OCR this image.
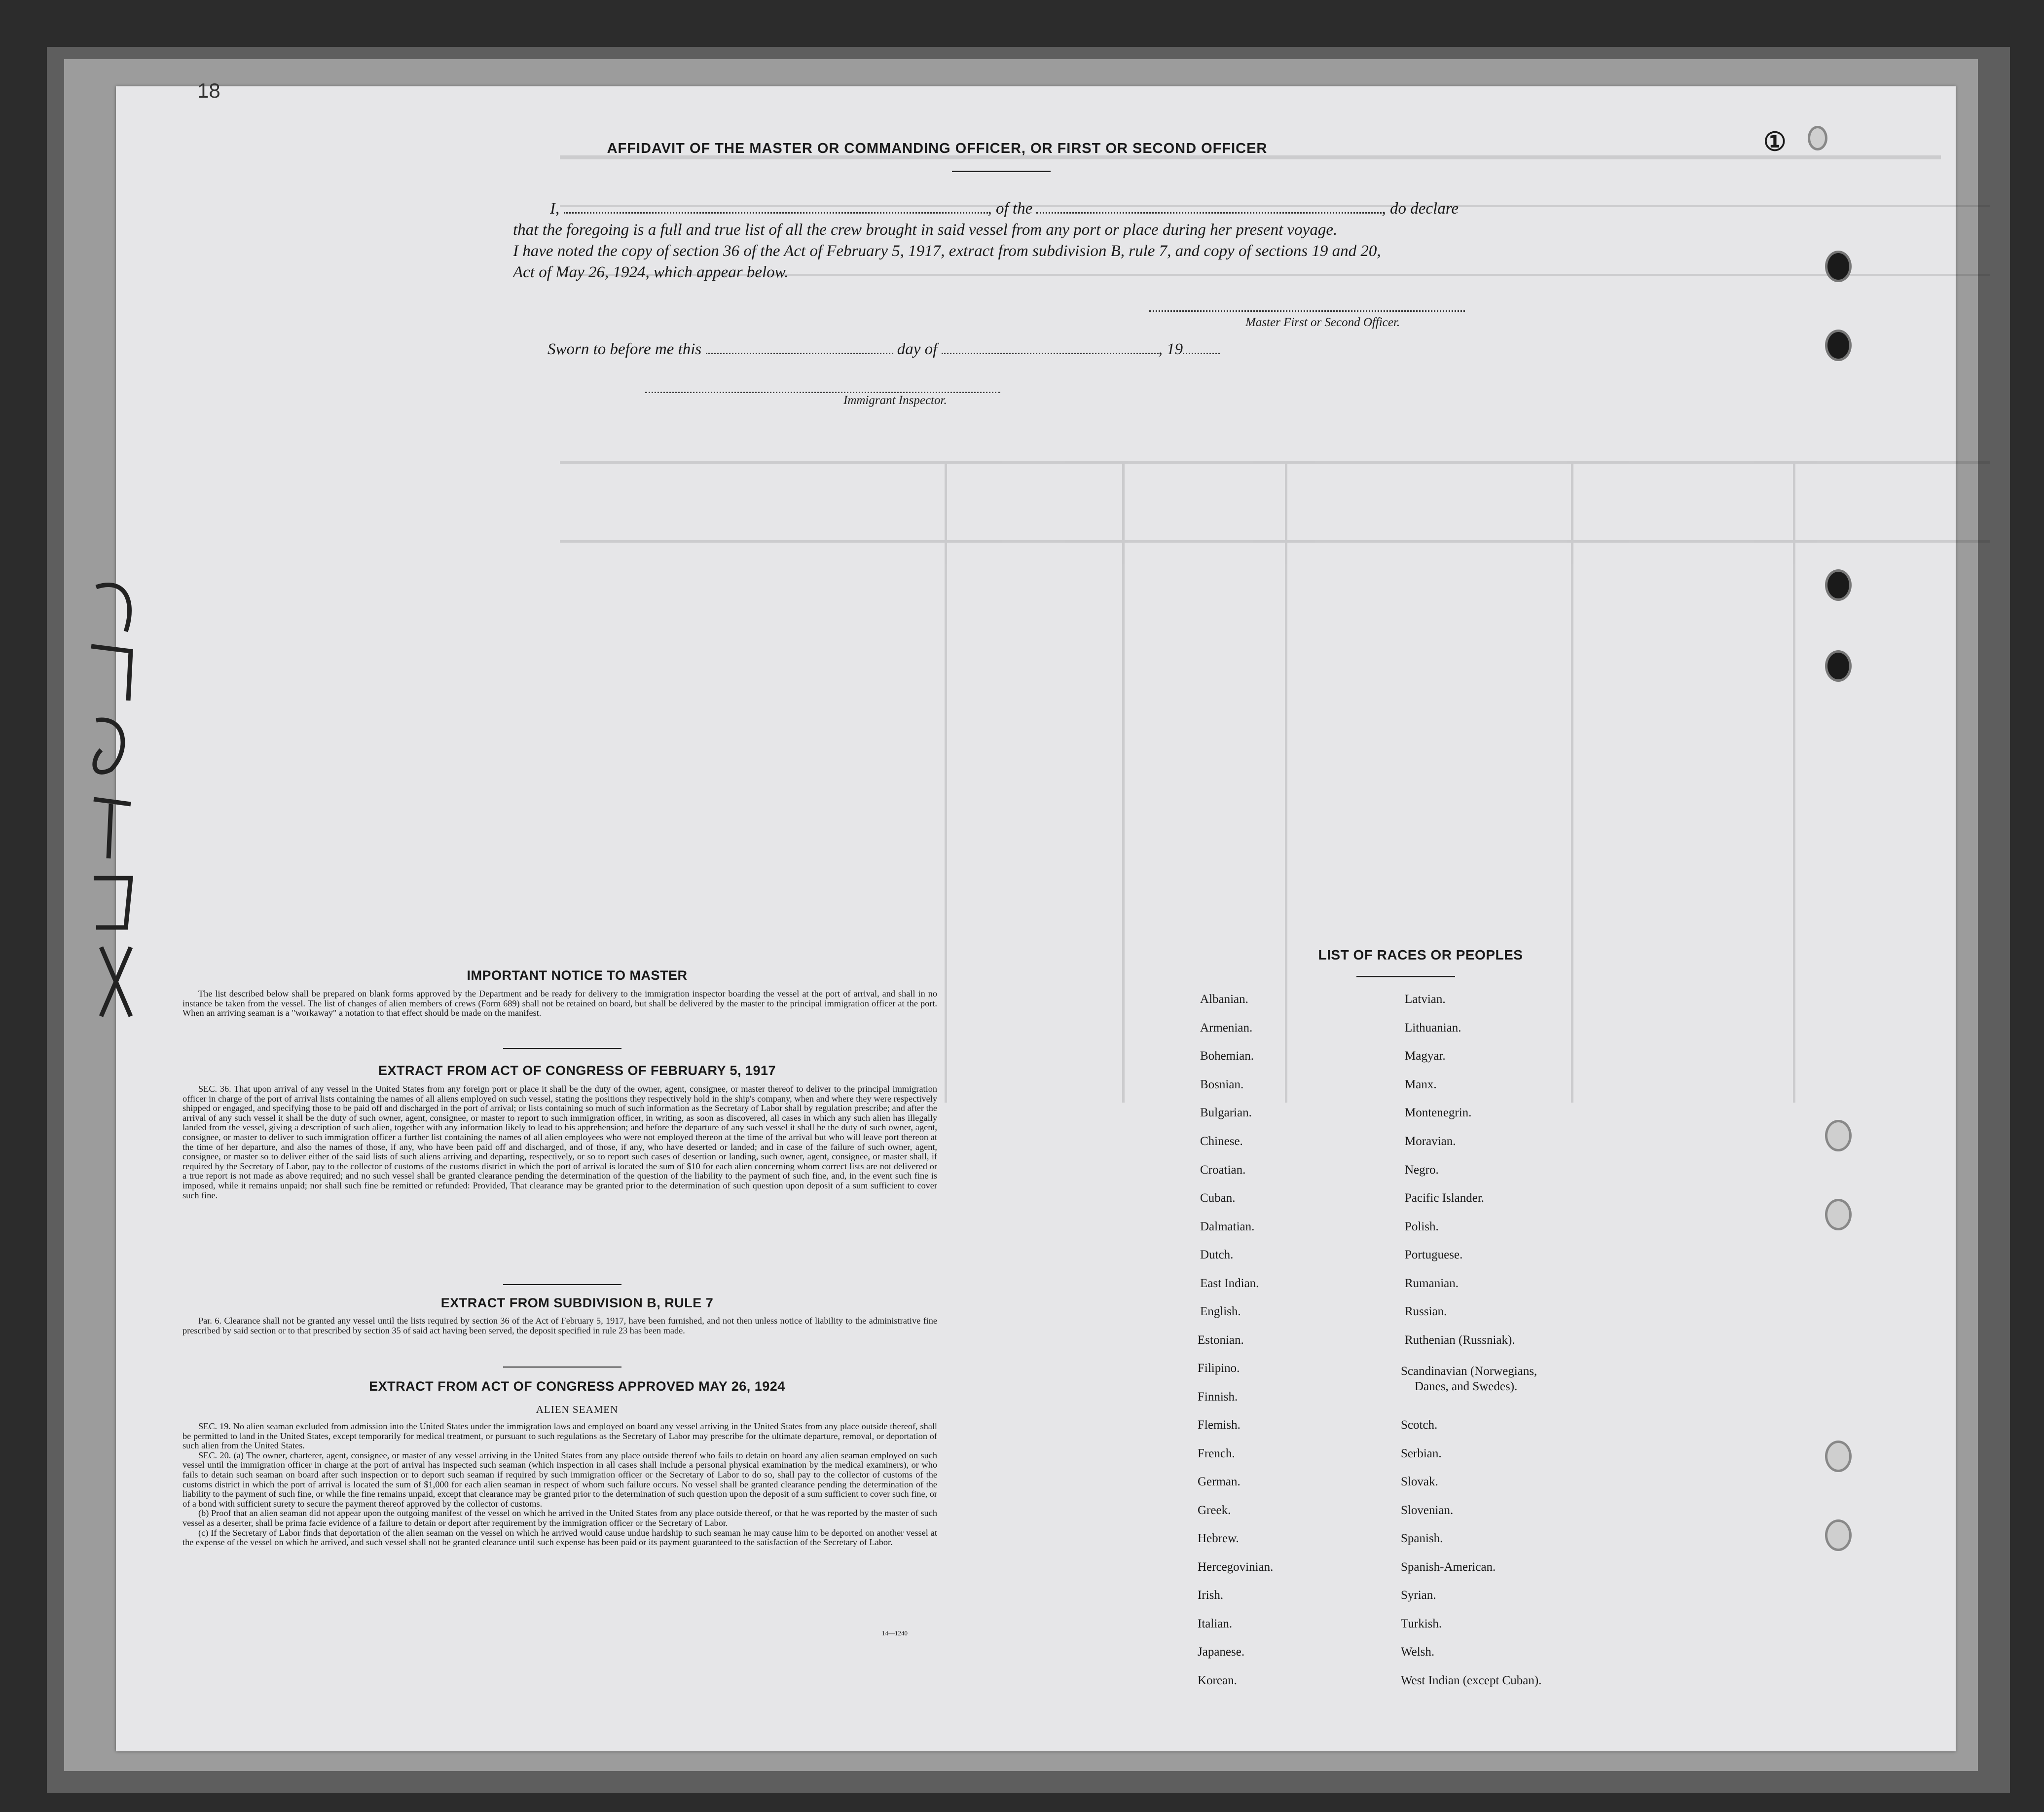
18
①
AFFIDAVIT OF THE MASTER OR COMMANDING OFFICER, OR FIRST OR SECOND OFFICER
I,	, of the	, do declare
that the foregoing is a full and true list of all the crew brought in said vessel from any port or place during her present voyage.
I have noted the copy of section 36 of the Act of February 5, 1917, extract from subdivision B, rule 7, and copy of sections 19 and 20,
Act of May 26, 1924, which appear below.
Master First or Second Officer.
Sworn to before me this	day of	, 19
Immigrant Inspector.
IMPORTANT NOTICE TO MASTER

The list described below shall be prepared on blank forms approved by the Department and be ready for delivery to the immigration inspector boarding the vessel at the port of arrival, and shall in no instance be taken from the vessel. The list of changes of alien members of crews (Form 689) shall not be retained on board, but shall be delivered by the master to the principal immigration officer at the port. When an arriving seaman is a "workaway" a notation to that effect should be made on the manifest.

EXTRACT FROM ACT OF CONGRESS OF FEBRUARY 5, 1917

SEC. 36. That upon arrival of any vessel in the United States from any foreign port or place it shall be the duty of the owner, agent, consignee, or master thereof to deliver to the principal immigration officer in charge of the port of arrival lists containing the names of all aliens employed on such vessel, stating the positions they respectively hold in the ship's company, when and where they were respectively shipped or engaged, and specifying those to be paid off and discharged in the port of arrival; or lists containing so much of such information as the Secretary of Labor shall by regulation prescribe; and after the arrival of any such vessel it shall be the duty of such owner, agent, consignee, or master to report to such immigration officer, in writing, as soon as discovered, all cases in which any such alien has illegally landed from the vessel, giving a description of such alien, together with any information likely to lead to his apprehension; and before the departure of any such vessel it shall be the duty of such owner, agent, consignee, or master to deliver to such immigration officer a further list containing the names of all alien employees who were not employed thereon at the time of the arrival but who will leave port thereon at the time of her departure, and also the names of those, if any, who have been paid off and discharged, and of those, if any, who have deserted or landed; and in case of the failure of such owner, agent, consignee, or master so to deliver either of the said lists of such aliens arriving and departing, respectively, or so to report such cases of desertion or landing, such owner, agent, consignee, or master shall, if required by the Secretary of Labor, pay to the collector of customs of the customs district in which the port of arrival is located the sum of $10 for each alien concerning whom correct lists are not delivered or a true report is not made as above required; and no such vessel shall be granted clearance pending the determination of the question of the liability to the payment of such fine, and, in the event such fine is imposed, while it remains unpaid; nor shall such fine be remitted or refunded: Provided, That clearance may be granted prior to the determination of such question upon deposit of a sum sufficient to cover such fine.

EXTRACT FROM SUBDIVISION B, RULE 7

Par. 6. Clearance shall not be granted any vessel until the lists required by section 36 of the Act of February 5, 1917, have been furnished, and not then unless notice of liability to the administrative fine prescribed by said section or to that prescribed by section 35 of said act having been served, the deposit specified in rule 23 has been made.

EXTRACT FROM ACT OF CONGRESS APPROVED MAY 26, 1924
ALIEN SEAMEN

SEC. 19. No alien seaman excluded from admission into the United States under the immigration laws and employed on board any vessel arriving in the United States from any place outside thereof, shall be permitted to land in the United States, except temporarily for medical treatment, or pursuant to such regulations as the Secretary of Labor may prescribe for the ultimate departure, removal, or deportation of such alien from the United States.

SEC. 20. (a) The owner, charterer, agent, consignee, or master of any vessel arriving in the United States from any place outside thereof who fails to detain on board any alien seaman employed on such vessel until the immigration officer in charge at the port of arrival has inspected such seaman (which inspection in all cases shall include a personal physical examination by the medical examiners), or who fails to detain such seaman on board after such inspection or to deport such seaman if required by such immigration officer or the Secretary of Labor to do so, shall pay to the collector of customs of the customs district in which the port of arrival is located the sum of $1,000 for each alien seaman in respect of whom such failure occurs. No vessel shall be granted clearance pending the determination of the liability to the payment of such fine, or while the fine remains unpaid, except that clearance may be granted prior to the determination of such question upon the deposit of a sum sufficient to cover such fine, or of a bond with sufficient surety to secure the payment thereof approved by the collector of customs.

(b) Proof that an alien seaman did not appear upon the outgoing manifest of the vessel on which he arrived in the United States from any place outside thereof, or that he was reported by the master of such vessel as a deserter, shall be prima facie evidence of a failure to detain or deport after requirement by the immigration officer or the Secretary of Labor.

(c) If the Secretary of Labor finds that deportation of the alien seaman on the vessel on which he arrived would cause undue hardship to such seaman he may cause him to be deported on another vessel at the expense of the vessel on which he arrived, and such vessel shall not be granted clearance until such expense has been paid or its payment guaranteed to the satisfaction of the Secretary of Labor.

14—1240
LIST OF RACES OR PEOPLES
Albanian.
Armenian.
Bohemian.
Bosnian.
Bulgarian.
Chinese.
Croatian.
Cuban.
Dalmatian.
Dutch.
East Indian.
English.
Estonian.
Filipino.
Finnish.
Flemish.
French.
German.
Greek.
Hebrew.
Hercegovinian.
Irish.
Italian.
Japanese.
Korean.
Latvian.
Lithuanian.
Magyar.
Manx.
Montenegrin.
Moravian.
Negro.
Pacific Islander.
Polish.
Portuguese.
Rumanian.
Russian.
Ruthenian (Russniak).
Scandinavian (Norwegians,
Danes, and Swedes).
Scotch.
Serbian.
Slovak.
Slovenian.
Spanish.
Spanish-American.
Syrian.
Turkish.
Welsh.
West Indian (except Cuban).
